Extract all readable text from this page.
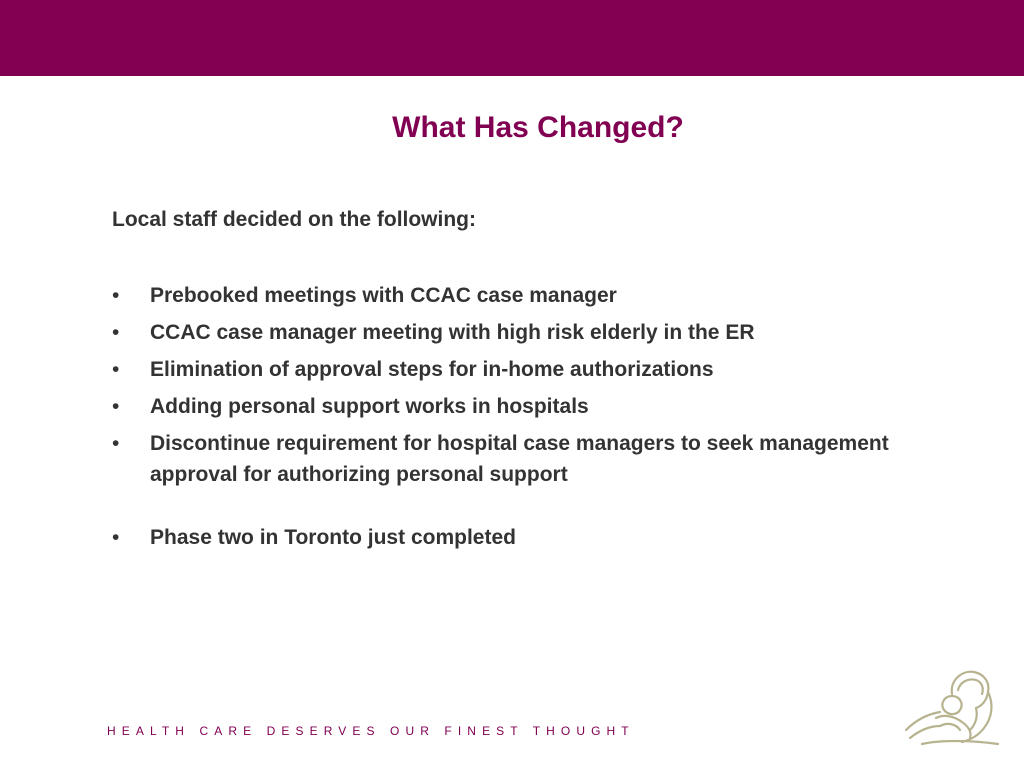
What Has Changed?

Local staff decided on the following:

• Prebooked meetings with CCAC case manager
• CCAC case manager meeting with high risk elderly in the ER
• Elimination of approval steps for in-home authorizations
• Adding personal support works in hospitals
• Discontinue requirement for hospital case managers to seek management approval for authorizing personal support
• Phase two in Toronto just completed

HEALTH CARE DESERVES OUR FINEST THOUGHT
